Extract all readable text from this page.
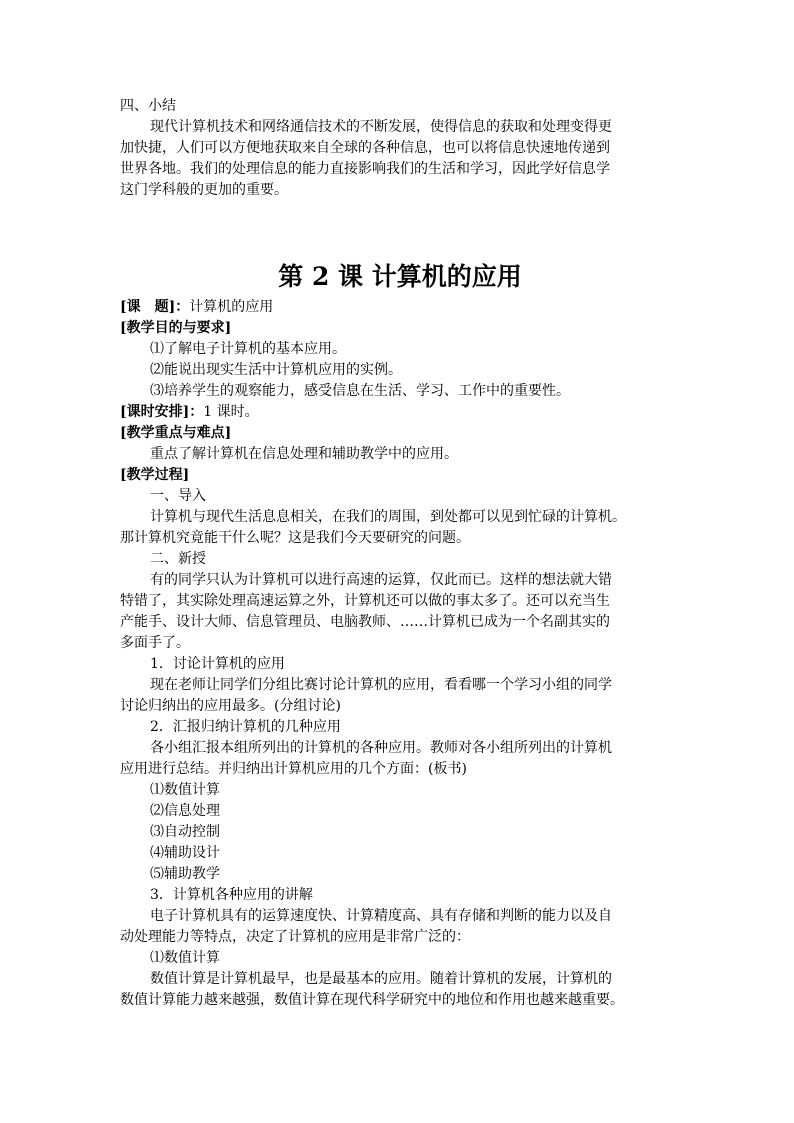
四、小结
现代计算机技术和网络通信技术的不断发展，使得信息的获取和处理变得更
加快捷，人们可以方便地获取来自全球的各种信息，也可以将信息快速地传递到
世界各地。我们的处理信息的能力直接影响我们的生活和学习，因此学好信息学
这门学科般的更加的重要。
第 2 课 计算机的应用
[课　题]：计算机的应用
[教学目的与要求]
⑴了解电子计算机的基本应用。
⑵能说出现实生活中计算机应用的实例。
⑶培养学生的观察能力，感受信息在生活、学习、工作中的重要性。
[课时安排]：1 课时。
[教学重点与难点]
重点了解计算机在信息处理和辅助教学中的应用。
[教学过程]
一、导入
计算机与现代生活息息相关，在我们的周围，到处都可以见到忙碌的计算机。
那计算机究竟能干什么呢？这是我们今天要研究的问题。
二、新授
有的同学只认为计算机可以进行高速的运算，仅此而已。这样的想法就大错
特错了，其实除处理高速运算之外，计算机还可以做的事太多了。还可以充当生
产能手、设计大师、信息管理员、电脑教师、……计算机已成为一个名副其实的
多面手了。
1．讨论计算机的应用
现在老师让同学们分组比赛讨论计算机的应用，看看哪一个学习小组的同学
讨论归纳出的应用最多。(分组讨论)
2．汇报归纳计算机的几种应用
各小组汇报本组所列出的计算机的各种应用。教师对各小组所列出的计算机
应用进行总结。并归纳出计算机应用的几个方面：(板书)
⑴数值计算
⑵信息处理
⑶自动控制
⑷辅助设计
⑸辅助教学
3．计算机各种应用的讲解
电子计算机具有的运算速度快、计算精度高、具有存储和判断的能力以及自
动处理能力等特点，决定了计算机的应用是非常广泛的：
⑴数值计算
数值计算是计算机最早，也是最基本的应用。随着计算机的发展，计算机的
数值计算能力越来越强，数值计算在现代科学研究中的地位和作用也越来越重要。
